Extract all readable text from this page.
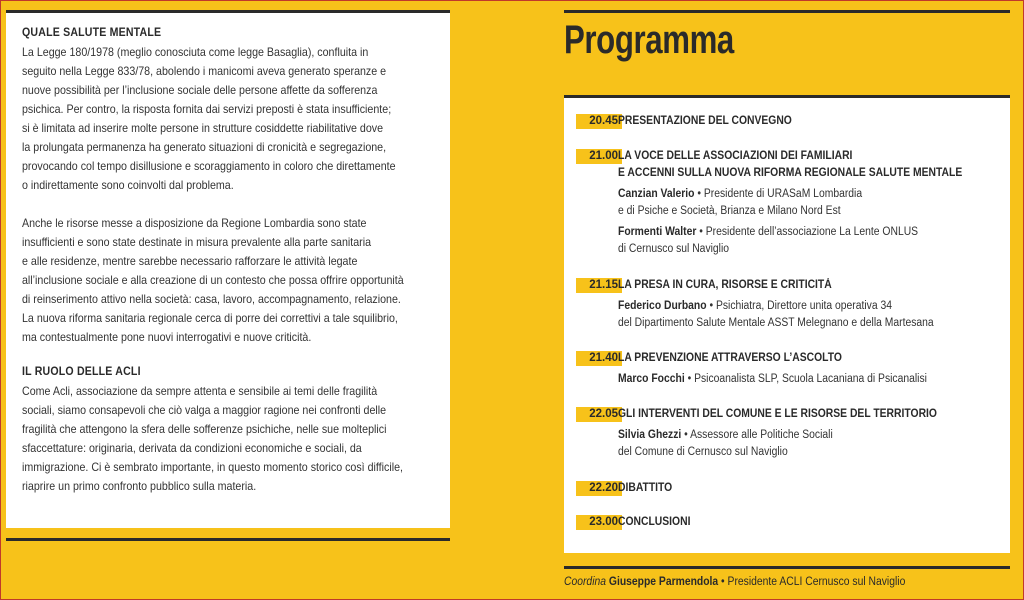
QUALE SALUTE MENTALE
La Legge 180/1978 (meglio conosciuta come legge Basaglia), confluita in
seguito nella Legge 833/78, abolendo i manicomi aveva generato speranze e
nuove possibilità per l’inclusione sociale delle persone affette da sofferenza
psichica. Per contro, la risposta fornita dai servizi preposti è stata insufficiente;
si è limitata ad inserire molte persone in strutture cosiddette riabilitative dove
la prolungata permanenza ha generato situazioni di cronicità e segregazione,
provocando col tempo disillusione e scoraggiamento in coloro che direttamente
o indirettamente sono coinvolti dal problema.
Anche le risorse messe a disposizione da Regione Lombardia sono state
insufficienti e sono state destinate in misura prevalente alla parte sanitaria
e alle residenze, mentre sarebbe necessario rafforzare le attività legate
all’inclusione sociale e alla creazione di un contesto che possa offrire opportunità
di reinserimento attivo nella società: casa, lavoro, accompagnamento, relazione.
La nuova riforma sanitaria regionale cerca di porre dei correttivi a tale squilibrio,
ma contestualmente pone nuovi interrogativi e nuove criticità.
IL RUOLO DELLE ACLI
Come Acli, associazione da sempre attenta e sensibile ai temi delle fragilità
sociali, siamo consapevoli che ciò valga a maggior ragione nei confronti delle
fragilità che attengono la sfera delle sofferenze psichiche, nelle sue molteplici
sfaccettature: originaria, derivata da condizioni economiche e sociali, da
immigrazione. Ci è sembrato importante, in questo momento storico così difficile,
riaprire un primo confronto pubblico sulla materia.
Programma
20.45 PRESENTAZIONE DEL CONVEGNO
21.00 LA VOCE DELLE ASSOCIAZIONI DEI FAMILIARI
E ACCENNI SULLA NUOVA RIFORMA REGIONALE SALUTE MENTALE
Canzian Valerio • Presidente di URASaM Lombardia
e di Psiche e Società, Brianza e Milano Nord Est
Formenti Walter • Presidente dell’associazione La Lente ONLUS
di Cernusco sul Naviglio
21.15 LA PRESA IN CURA, RISORSE E CRITICITÀ
Federico Durbano • Psichiatra, Direttore unita operativa 34
del Dipartimento Salute Mentale ASST Melegnano e della Martesana
21.40 LA PREVENZIONE ATTRAVERSO L’ASCOLTO
Marco Focchi • Psicoanalista SLP, Scuola Lacaniana di Psicanalisi
22.05 GLI INTERVENTI DEL COMUNE E LE RISORSE DEL TERRITORIO
Silvia Ghezzi • Assessore alle Politiche Sociali
del Comune di Cernusco sul Naviglio
22.20 DIBATTITO
23.00 CONCLUSIONI
Coordina Giuseppe Parmendola • Presidente ACLI Cernusco sul Naviglio
